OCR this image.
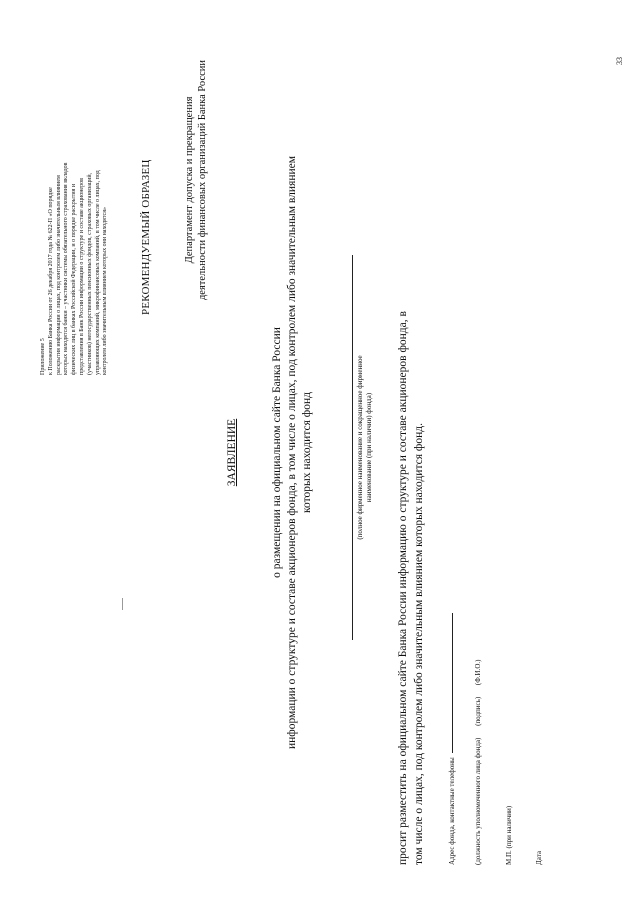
Приложение 5 к Положению Банка России от 26 декабря 2017 года № 622-П «О порядке раскрытия информации о лицах, под контролем либо значительным влиянием которых находятся банки – участники системы обязательного страхования вкладов физических лиц в банках Российской Федерации, и о порядке раскрытия и представления в Банк России информации о структуре и составе акционеров (участников) негосударственных пенсионных фондов, страховых организаций, управляющих компаний, микрофинансовых компаний, в том числе о лицах, под контролем либо значительным влиянием которых они находятся»	РЕКОМЕНДУЕМЫЙ ОБРАЗЕЦ	Департамент допуска и прекращения деятельности финансовых организаций Банка России
ЗАЯВЛЕНИЕ	о размещении на официальном сайте Банка России информации о структуре и составе акционеров фонда, в том числе о лицах, под контролем либо значительным влиянием которых находится фонд	(полное фирменное наименование и сокращенное фирменное наименование (при наличии) фонда) просит разместить на официальном сайте Банка России информацию о структуре и составе акционеров фонда, в том числе о лицах, под контролем либо значительным влиянием которых находится фонд.	Адрес фонда, контактные телефоны	(должность уполномоченного лица фонда) (подпись) (Ф.И.О.)
М.П. (при наличии)	Дата
33
